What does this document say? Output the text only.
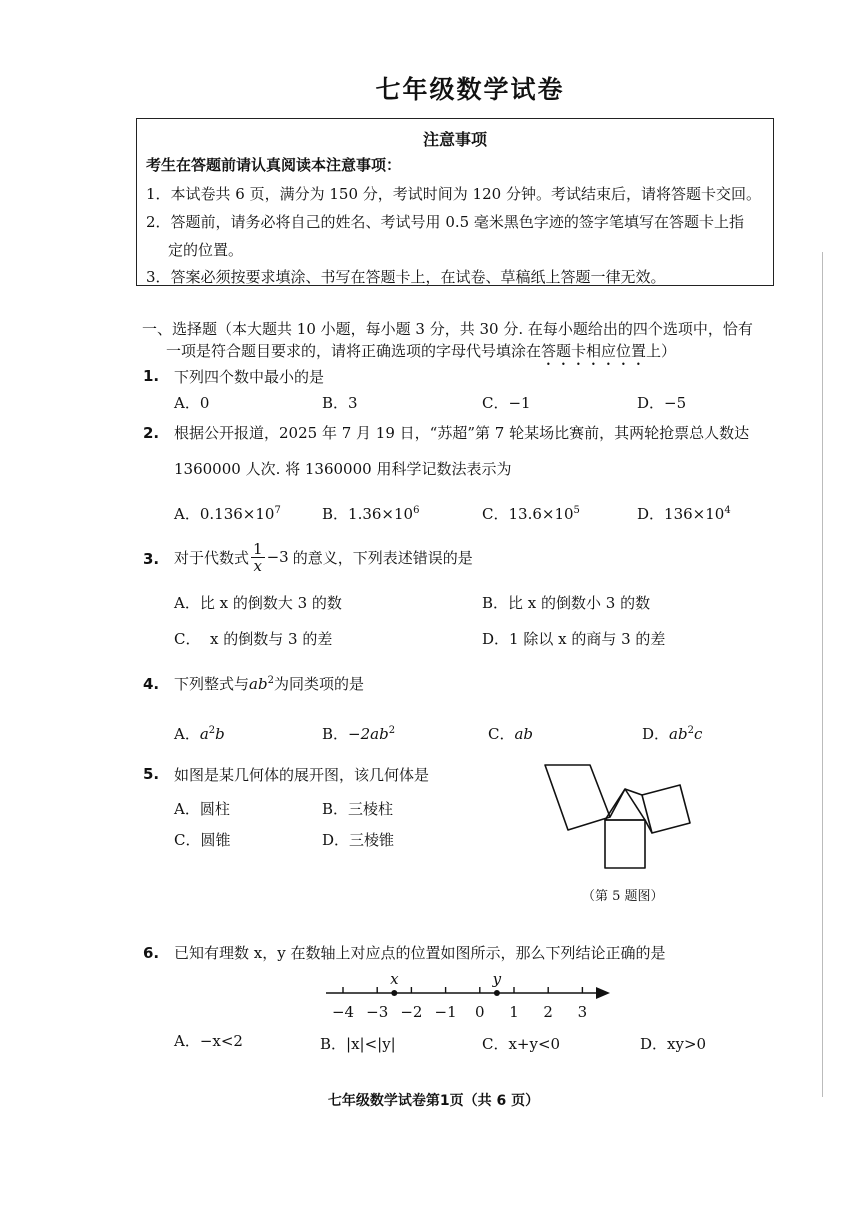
七年级数学试卷
注意事项
考生在答题前请认真阅读本注意事项：
1．本试卷共 6 页，满分为 150 分，考试时间为 120 分钟。考试结束后，请将答题卡交回。
2．答题前，请务必将自己的姓名、考试号用 0.5 毫米黑色字迹的签字笔填写在答题卡上指
定的位置。
3．答案必须按要求填涂、书写在答题卡上，在试卷、草稿纸上答题一律无效。
一、选择题（本大题共 10 小题，每小题 3 分，共 30 分. 在每小题给出的四个选项中，恰有
一项是符合题目要求的，请将正确选项的字母代号填涂在答题卡相应位置上）
1. 下列四个数中最小的是
A．0	B．3	C．−1	D．−5
2. 根据公开报道，2025 年 7 月 19 日，“苏超”第 7 轮某场比赛前，其两轮抢票总人数达
1360000 人次. 将 1360000 用科学记数法表示为
A．$0.136\times 10^7$	B．$1.36\times 10^6$	C．$13.6\times 10^5$	D．$136\times 10^4$
3. 对于代数式 $\frac{1}{x} -3$ 的意义，下列表述错误的是
A．比 x 的倒数大 3 的数	B．比 x 的倒数小 3 的数
C．  x 的倒数与 3 的差	D．1 除以 x 的商与 3 的差
4. 下列整式与$ab^2$为同类项的是
A．$a^2b$	B．$-2ab^2$	C．ab	D．$ab^2c$
5. 如图是某几何体的展开图，该几何体是
A．圆柱	B．三棱柱
C．圆锥	D．三棱锥
（第 5 题图）
6. 已知有理数 x，y 在数轴上对应点的位置如图所示，那么下列结论正确的是
−4 −3 −2 −1 0 1 2 3
x	y
A．−x<2	B．|x|<|y|	C．x+y<0	D．xy>0
七年级数学试卷第1页（共 6 页）
